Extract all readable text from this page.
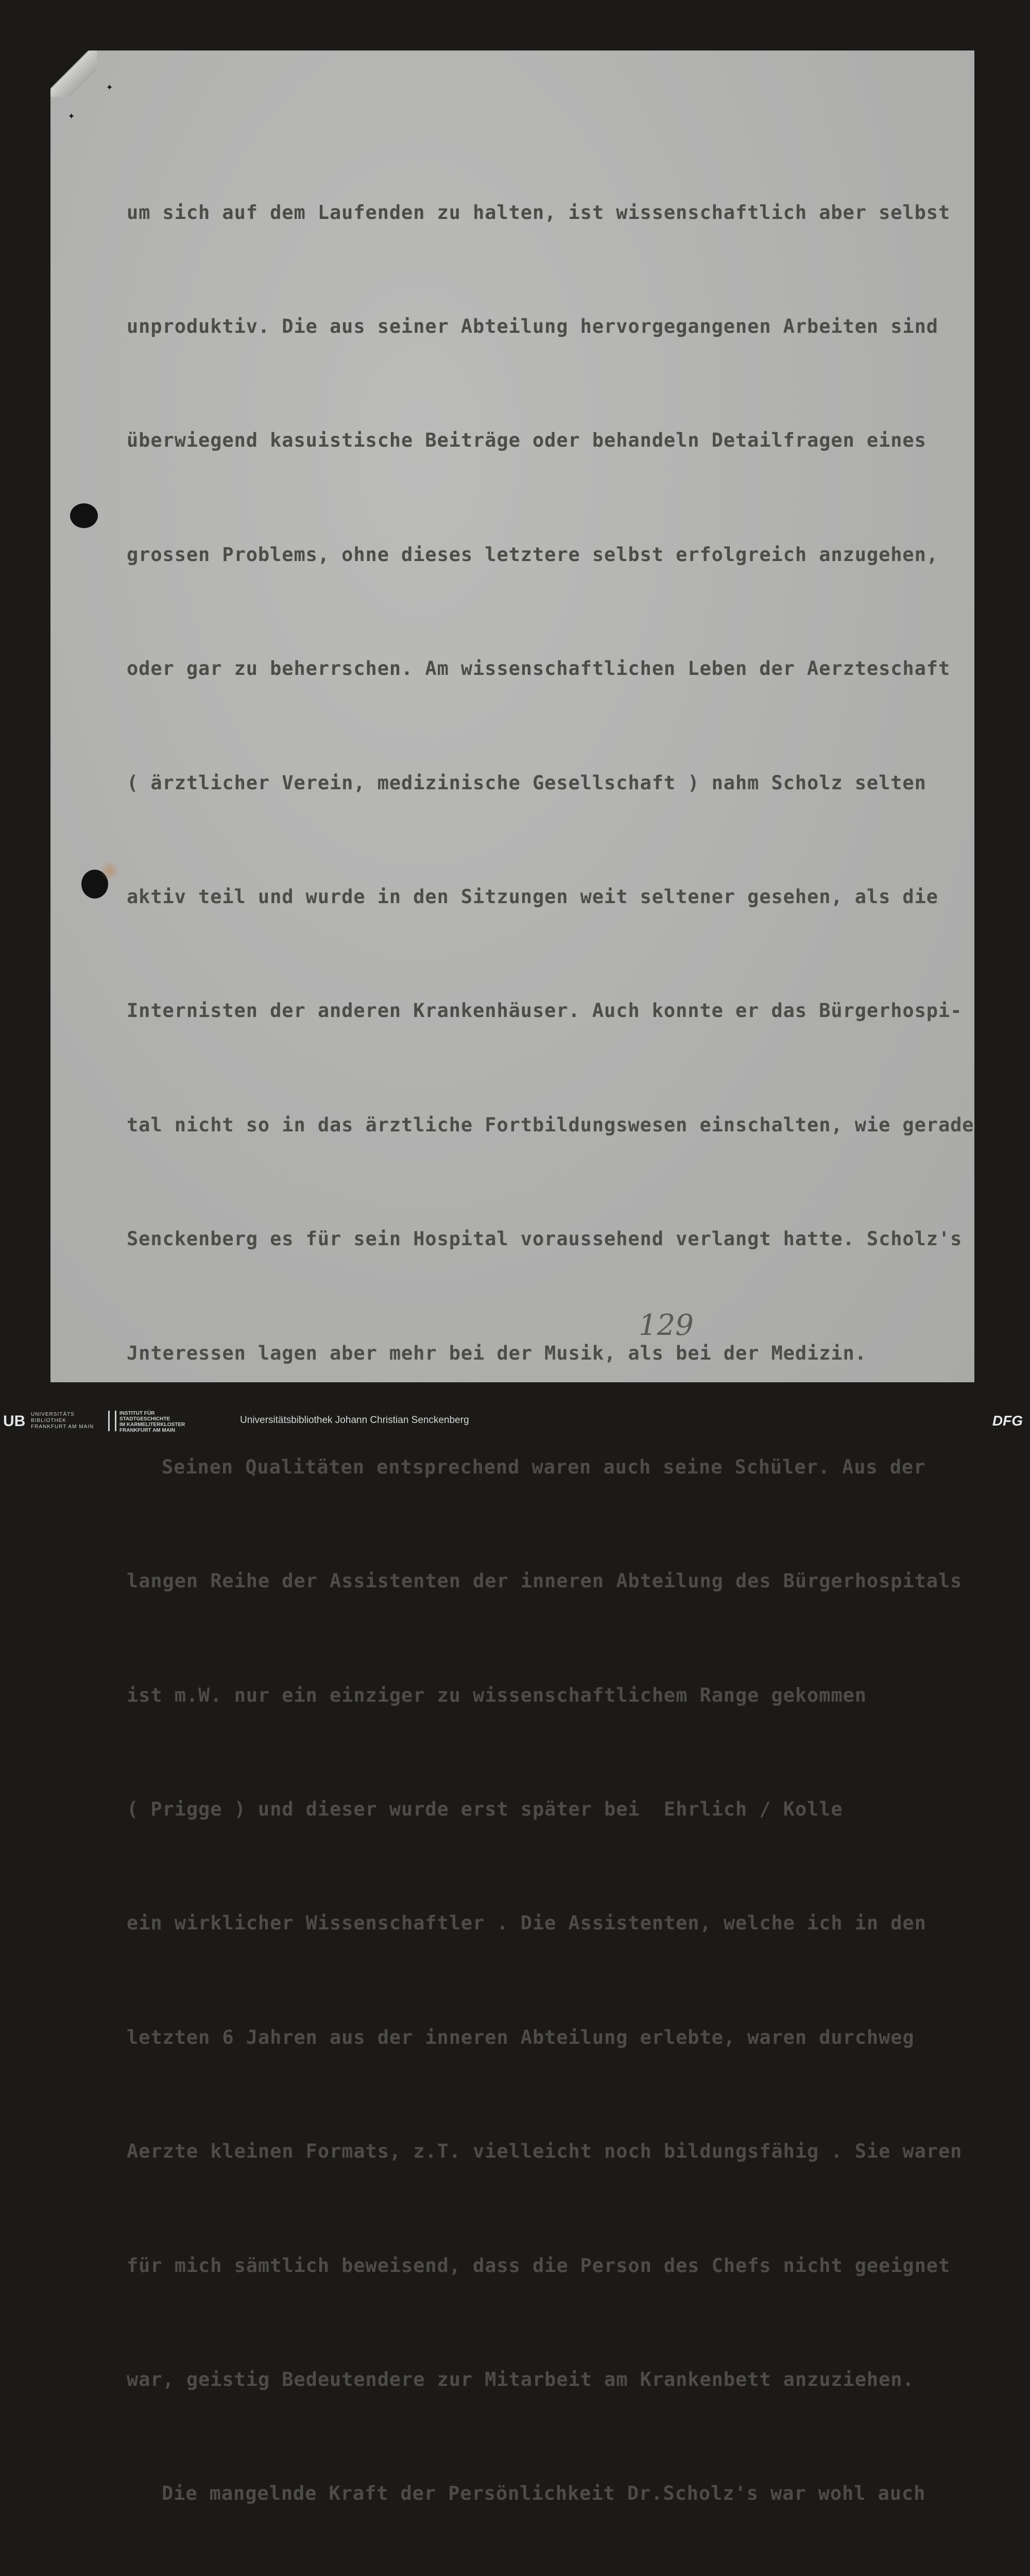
✦
✦

um sich auf dem Laufenden zu halten, ist wissenschaftlich aber selbst

unproduktiv. Die aus seiner Abteilung hervorgegangenen Arbeiten sind

überwiegend kasuistische Beiträge oder behandeln Detailfragen eines

grossen Problems, ohne dieses letztere selbst erfolgreich anzugehen,

oder gar zu beherrschen. Am wissenschaftlichen Leben der Aerzteschaft

( ärztlicher Verein, medizinische Gesellschaft ) nahm Scholz selten

aktiv teil und wurde in den Sitzungen weit seltener gesehen, als die

Internisten der anderen Krankenhäuser. Auch konnte er das Bürgerhospi-

tal nicht so in das ärztliche Fortbildungswesen einschalten, wie gerade

Senckenberg es für sein Hospital voraussehend verlangt hatte. Scholz's

Jnteressen lagen aber mehr bei der Musik, als bei der Medizin.

Seinen Qualitäten entsprechend waren auch seine Schüler. Aus der

langen Reihe der Assistenten der inneren Abteilung des Bürgerhospitals

ist m.W. nur ein einziger zu wissenschaftlichem Range gekommen

( Prigge ) und dieser wurde erst später bei  Ehrlich / Kolle

ein wirklicher Wissenschaftler . Die Assistenten, welche ich in den

letzten 6 Jahren aus der inneren Abteilung erlebte, waren durchweg

Aerzte kleinen Formats, z.T. vielleicht noch bildungsfähig . Sie waren

für mich sämtlich beweisend, dass die Person des Chefs nicht geeignet

war, geistig Bedeutendere zur Mitarbeit am Krankenbett anzuziehen.

Die mangelnde Kraft der Persönlichkeit Dr.Scholz's war wohl auch

129
UB UNIVERSITÄTS
BIBLIOTHEK
FRANKFURT AM MAIN
INSTITUT FÜR
STADTGESCHICHTE
IM KARMELITERKLOSTER
FRANKFURT AM MAIN
Universitätsbibliothek Johann Christian Senckenberg	DFG
